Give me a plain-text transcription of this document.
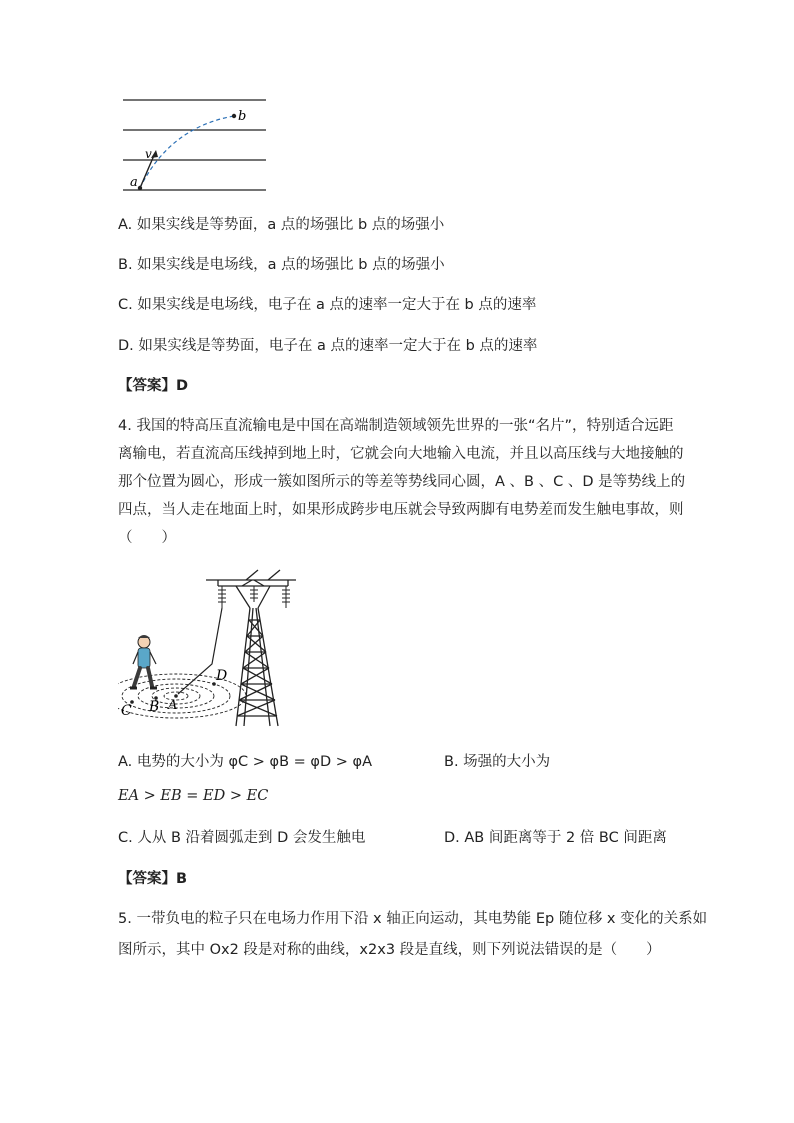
a
b
v
A. 如果实线是等势面，a 点的场强比 b 点的场强小
B. 如果实线是电场线，a 点的场强比 b 点的场强小
C. 如果实线是电场线，电子在 a 点的速率一定大于在 b 点的速率
D. 如果实线是等势面，电子在 a 点的速率一定大于在 b 点的速率
【答案】D
4. 我国的特高压直流输电是中国在高端制造领域领先世界的一张“名片”，特别适合远距
离输电，若直流高压线掉到地上时，它就会向大地输入电流，并且以高压线与大地接触的
那个位置为圆心，形成一簇如图所示的等差等势线同心圆，A 、B 、C 、D 是等势线上的
四点，当人走在地面上时，如果形成跨步电压就会导致两脚有电势差而发生触电事故，则
（　　）
A
B
C
D
A. 电势的大小为 φC > φB = φD > φA	B. 场强的大小为
EA > EB = ED > EC
C. 人从 B 沿着圆弧走到 D 会发生触电	D. AB 间距离等于 2 倍 BC 间距离
【答案】B
5. 一带负电的粒子只在电场力作用下沿 x 轴正向运动，其电势能 Ep 随位移 x 变化的关系如
图所示，其中 Ox2 段是对称的曲线，x2x3 段是直线，则下列说法错误的是（　　）
